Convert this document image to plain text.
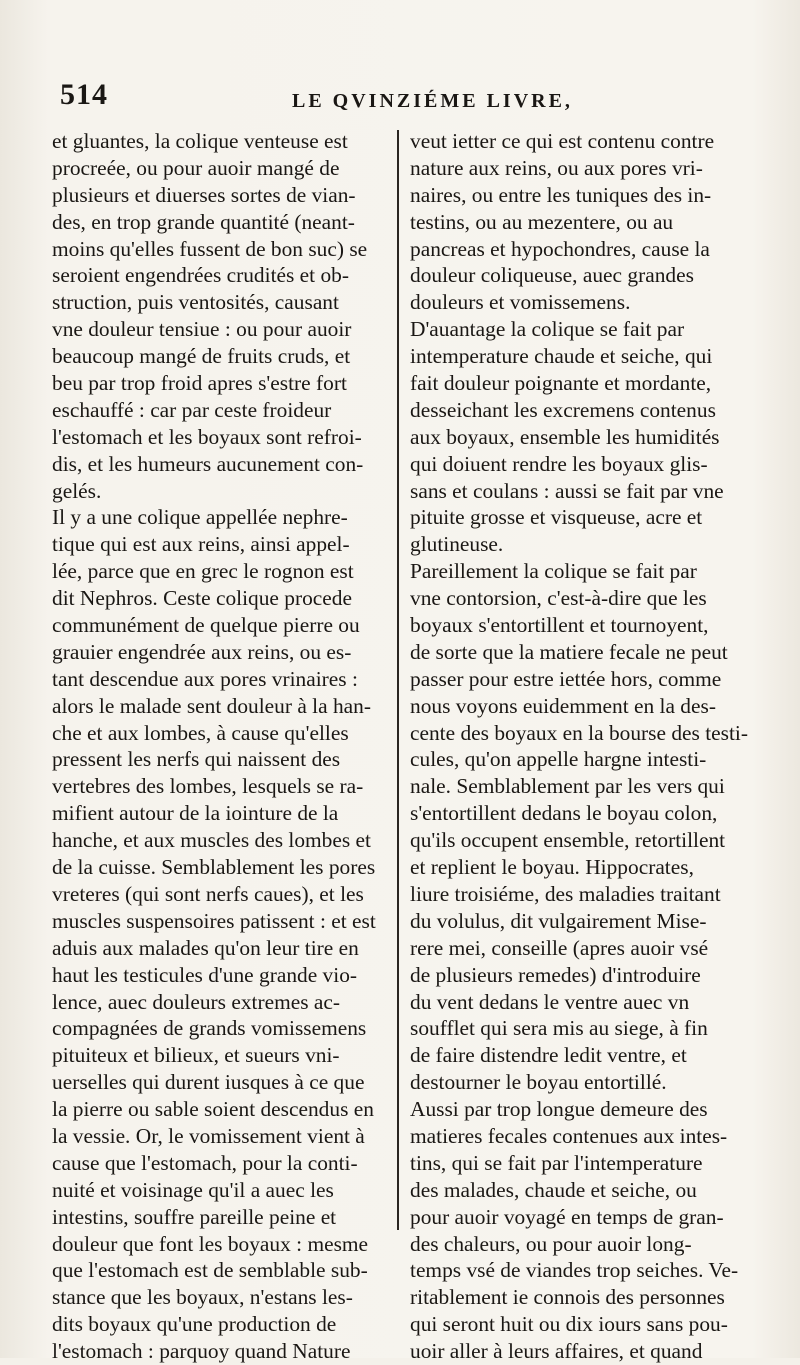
514	LE QVINZIÉME LIVRE,
et gluantes, la colique venteuse est
procreée, ou pour auoir mangé de
plusieurs et diuerses sortes de vian-
des, en trop grande quantité (neant-
moins qu'elles fussent de bon suc) se
seroient engendrées crudités et ob-
struction, puis ventosités, causant
vne douleur tensiue : ou pour auoir
beaucoup mangé de fruits cruds, et
beu par trop froid apres s'estre fort
eschauffé : car par ceste froideur
l'estomach et les boyaux sont refroi-
dis, et les humeurs aucunement con-
gelés.
Il y a une colique appellée nephre-
tique qui est aux reins, ainsi appel-
lée, parce que en grec le rognon est
dit Nephros. Ceste colique procede
communément de quelque pierre ou
grauier engendrée aux reins, ou es-
tant descendue aux pores vrinaires :
alors le malade sent douleur à la han-
che et aux lombes, à cause qu'elles
pressent les nerfs qui naissent des
vertebres des lombes, lesquels se ra-
mifient autour de la iointure de la
hanche, et aux muscles des lombes et
de la cuisse. Semblablement les pores
vreteres (qui sont nerfs caues), et les
muscles suspensoires patissent : et est
aduis aux malades qu'on leur tire en
haut les testicules d'une grande vio-
lence, auec douleurs extremes ac-
compagnées de grands vomissemens
pituiteux et bilieux, et sueurs vni-
uerselles qui durent iusques à ce que
la pierre ou sable soient descendus en
la vessie. Or, le vomissement vient à
cause que l'estomach, pour la conti-
nuité et voisinage qu'il a auec les
intestins, souffre pareille peine et
douleur que font les boyaux : mesme
que l'estomach est de semblable sub-
stance que les boyaux, n'estans les-
dits boyaux qu'une production de
l'estomach : parquoy quand Nature
veut ietter ce qui est contenu contre
nature aux reins, ou aux pores vri-
naires, ou entre les tuniques des in-
testins, ou au mezentere, ou au
pancreas et hypochondres, cause la
douleur coliqueuse, auec grandes
douleurs et vomissemens.
D'auantage la colique se fait par
intemperature chaude et seiche, qui
fait douleur poignante et mordante,
desseichant les excremens contenus
aux boyaux, ensemble les humidités
qui doiuent rendre les boyaux glis-
sans et coulans : aussi se fait par vne
pituite grosse et visqueuse, acre et
glutineuse.
Pareillement la colique se fait par
vne contorsion, c'est-à-dire que les
boyaux s'entortillent et tournoyent,
de sorte que la matiere fecale ne peut
passer pour estre iettée hors, comme
nous voyons euidemment en la des-
cente des boyaux en la bourse des testi-
cules, qu'on appelle hargne intesti-
nale. Semblablement par les vers qui
s'entortillent dedans le boyau colon,
qu'ils occupent ensemble, retortillent
et replient le boyau. Hippocrates,
liure troisiéme, des maladies traitant
du volulus, dit vulgairement Mise-
rere mei, conseille (apres auoir vsé
de plusieurs remedes) d'introduire
du vent dedans le ventre auec vn
soufflet qui sera mis au siege, à fin
de faire distendre ledit ventre, et
destourner le boyau entortillé.
Aussi par trop longue demeure des
matieres fecales contenues aux intes-
tins, qui se fait par l'intemperature
des malades, chaude et seiche, ou
pour auoir voyagé en temps de gran-
des chaleurs, ou pour auoir long-
temps vsé de viandes trop seiches. Ve-
ritablement ie connois des personnes
qui seront huit ou dix iours sans pou-
uoir aller à leurs affaires, et quand
